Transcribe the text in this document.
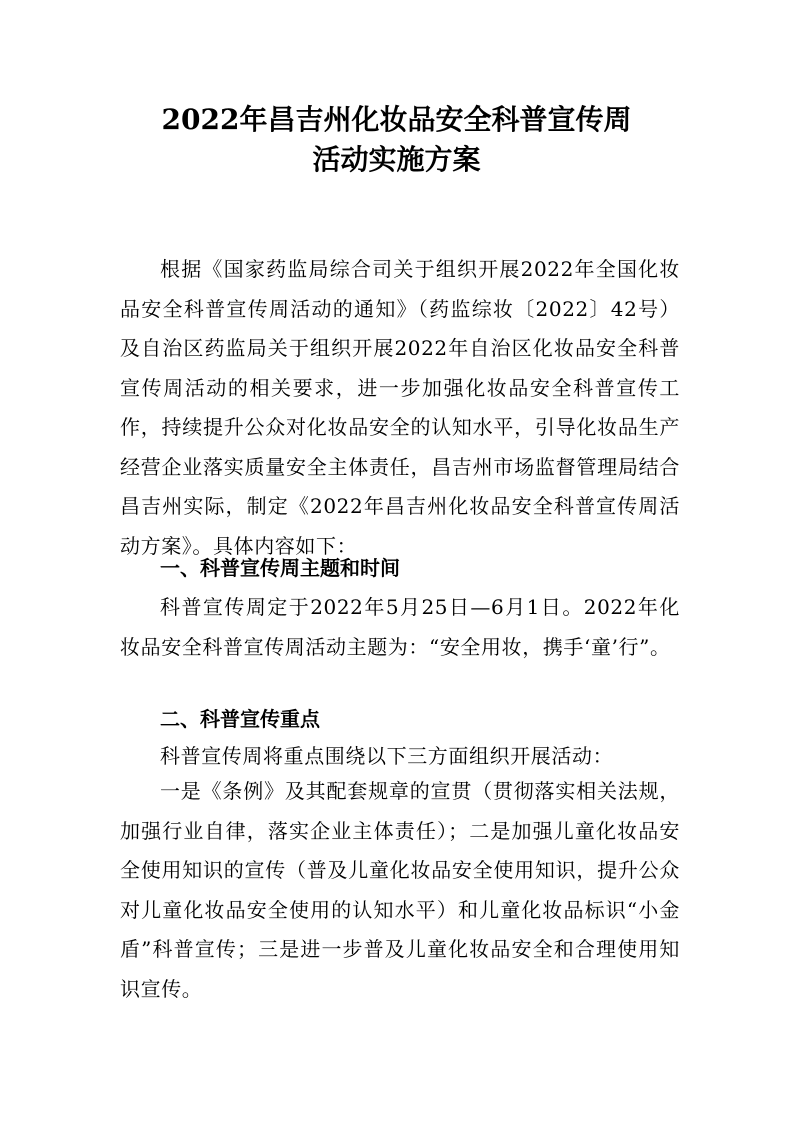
2022年昌吉州化妆品安全科普宣传周
活动实施方案
根据《国家药监局综合司关于组织开展2022年全国化妆品安全科普宣传周活动的通知》（药监综妆〔2022〕42号）及自治区药监局关于组织开展2022年自治区化妆品安全科普宣传周活动的相关要求，进一步加强化妆品安全科普宣传工作，持续提升公众对化妆品安全的认知水平，引导化妆品生产经营企业落实质量安全主体责任，昌吉州市场监督管理局结合昌吉州实际，制定《2022年昌吉州化妆品安全科普宣传周活动方案》。具体内容如下：
一、科普宣传周主题和时间
科普宣传周定于2022年5月25日—6月1日。2022年化妆品安全科普宣传周活动主题为：“安全用妆，携手‘童’行”。
二、科普宣传重点
科普宣传周将重点围绕以下三方面组织开展活动：
一是《条例》及其配套规章的宣贯（贯彻落实相关法规，加强行业自律，落实企业主体责任）；二是加强儿童化妆品安全使用知识的宣传（普及儿童化妆品安全使用知识，提升公众对儿童化妆品安全使用的认知水平）和儿童化妆品标识“小金盾”科普宣传；三是进一步普及儿童化妆品安全和合理使用知识宣传。
